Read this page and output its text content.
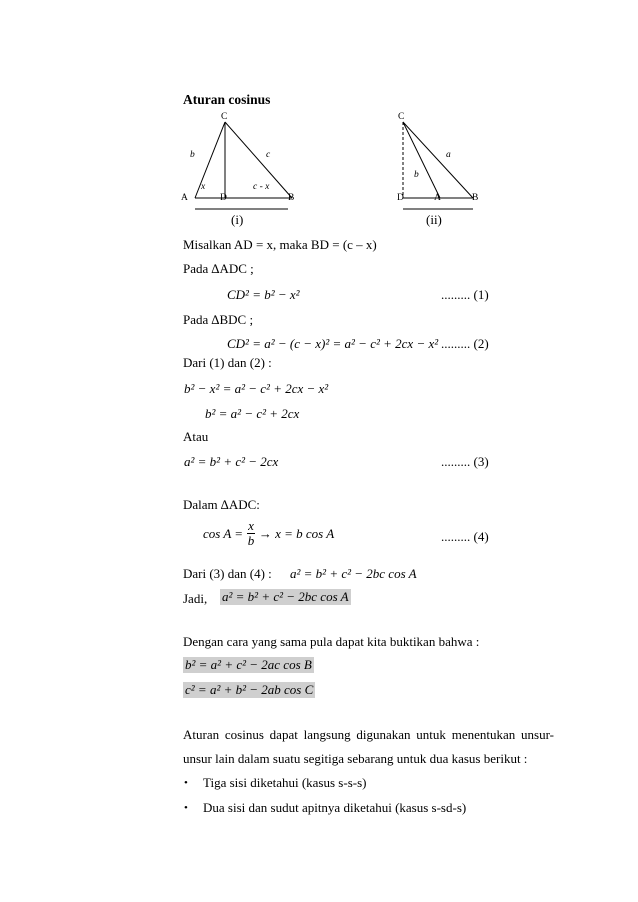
Aturan cosinus
C
b	c
x	c - x
A	D	B
(i)
C
a
b
D	A	B
(ii)
Misalkan AD = x, maka BD = (c – x)
Pada ∆ADC ;
CD² = b² − x²	......... (1)
Pada ∆BDC ;
CD² = a² − (c − x)² = a² − c² + 2cx − x² ......... (2)
Dari (1) dan (2) :
b² − x² = a² − c² + 2cx − x²
b² = a² − c² + 2cx
Atau
a² = b² + c² − 2cx	......... (3)
Dalam ∆ADC:
$\cos A = \frac{x}{b} \to x = b$ cos A	......... (4)
Dari (3) dan (4) : a² = b² + c² − 2bc cos A
Jadi, a² = b² + c² − 2bc cos A
Dengan cara yang sama pula dapat kita buktikan bahwa :
b² = a² + c² − 2ac cos B
c² = a² + b² − 2ab cos C
Aturan cosinus dapat langsung digunakan untuk menentukan unsur-
unsur lain dalam suatu segitiga sebarang untuk dua kasus berikut :
• Tiga sisi diketahui (kasus s-s-s)
• Dua sisi dan sudut apitnya diketahui (kasus s-sd-s)
